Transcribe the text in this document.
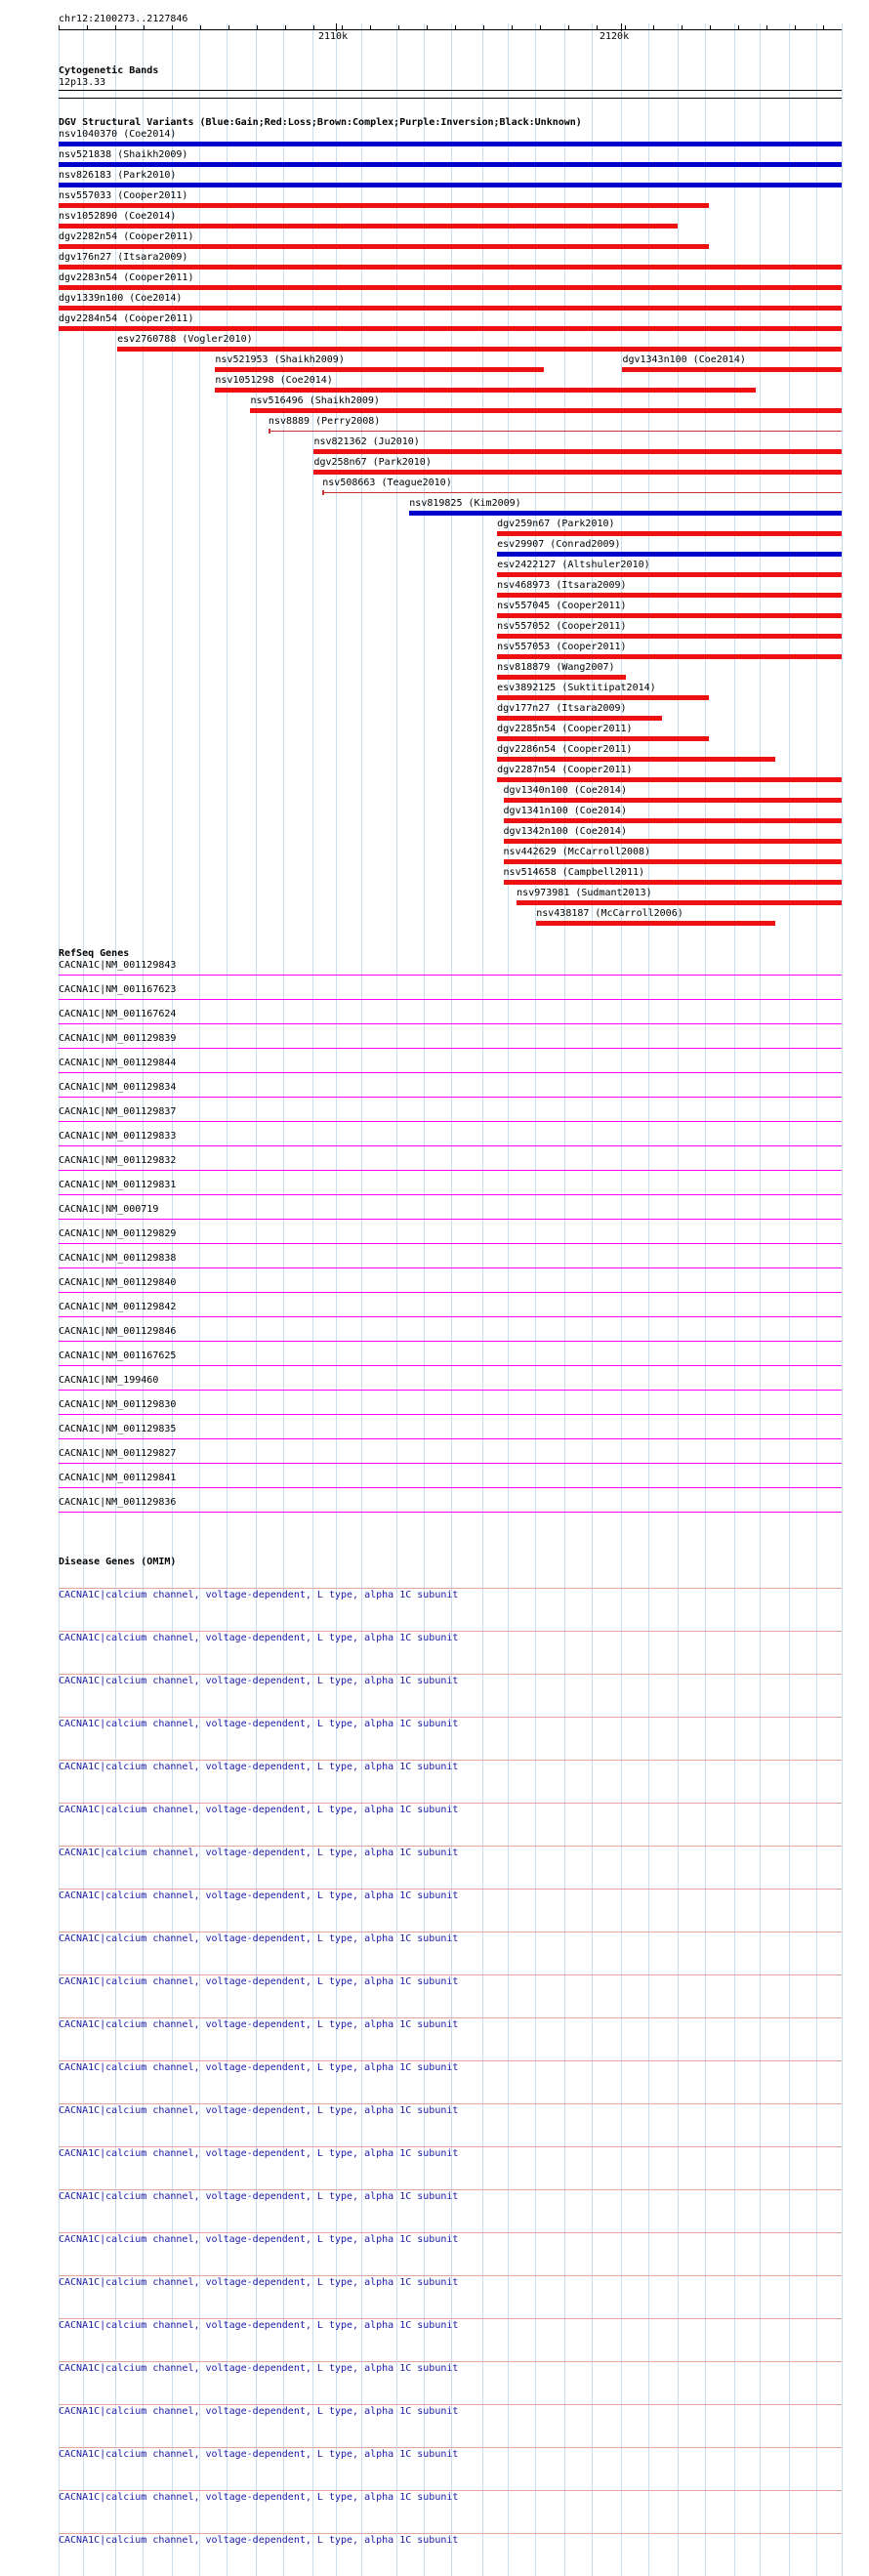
chr12:2100273..2127846
2110k	2120k
Cytogenetic Bands
12p13.33
DGV Structural Variants (Blue:Gain;Red:Loss;Brown:Complex;Purple:Inversion;Black:Unknown)
nsv1040370 (Coe2014)
nsv521838 (Shaikh2009)
nsv826183 (Park2010)
nsv557033 (Cooper2011)
nsv1052890 (Coe2014)
dgv2282n54 (Cooper2011)
dgv176n27 (Itsara2009)
dgv2283n54 (Cooper2011)
dgv1339n100 (Coe2014)
dgv2284n54 (Cooper2011)
esv2760788 (Vogler2010)
nsv521953 (Shaikh2009)	dgv1343n100 (Coe2014)
nsv1051298 (Coe2014)
nsv516496 (Shaikh2009)
nsv8889 (Perry2008)
nsv821362 (Ju2010)
dgv258n67 (Park2010)
nsv508663 (Teague2010)
nsv819825 (Kim2009)
dgv259n67 (Park2010)
esv29907 (Conrad2009)
esv2422127 (Altshuler2010)
nsv468973 (Itsara2009)
nsv557045 (Cooper2011)
nsv557052 (Cooper2011)
nsv557053 (Cooper2011)
nsv818879 (Wang2007)
esv3892125 (Suktitipat2014)
dgv177n27 (Itsara2009)
dgv2285n54 (Cooper2011)
dgv2286n54 (Cooper2011)
dgv2287n54 (Cooper2011)
dgv1340n100 (Coe2014)
dgv1341n100 (Coe2014)
dgv1342n100 (Coe2014)
nsv442629 (McCarroll2008)
nsv514658 (Campbell2011)
nsv973981 (Sudmant2013)
nsv438187 (McCarroll2006)
RefSeq Genes
CACNA1C|NM_001129843
CACNA1C|NM_001167623
CACNA1C|NM_001167624
CACNA1C|NM_001129839
CACNA1C|NM_001129844
CACNA1C|NM_001129834
CACNA1C|NM_001129837
CACNA1C|NM_001129833
CACNA1C|NM_001129832
CACNA1C|NM_001129831
CACNA1C|NM_000719
CACNA1C|NM_001129829
CACNA1C|NM_001129838
CACNA1C|NM_001129840
CACNA1C|NM_001129842
CACNA1C|NM_001129846
CACNA1C|NM_001167625
CACNA1C|NM_199460
CACNA1C|NM_001129830
CACNA1C|NM_001129835
CACNA1C|NM_001129827
CACNA1C|NM_001129841
CACNA1C|NM_001129836
Disease Genes (OMIM)
CACNA1C|calcium channel, voltage-dependent, L type, alpha 1C subunit
CACNA1C|calcium channel, voltage-dependent, L type, alpha 1C subunit
CACNA1C|calcium channel, voltage-dependent, L type, alpha 1C subunit
CACNA1C|calcium channel, voltage-dependent, L type, alpha 1C subunit
CACNA1C|calcium channel, voltage-dependent, L type, alpha 1C subunit
CACNA1C|calcium channel, voltage-dependent, L type, alpha 1C subunit
CACNA1C|calcium channel, voltage-dependent, L type, alpha 1C subunit
CACNA1C|calcium channel, voltage-dependent, L type, alpha 1C subunit
CACNA1C|calcium channel, voltage-dependent, L type, alpha 1C subunit
CACNA1C|calcium channel, voltage-dependent, L type, alpha 1C subunit
CACNA1C|calcium channel, voltage-dependent, L type, alpha 1C subunit
CACNA1C|calcium channel, voltage-dependent, L type, alpha 1C subunit
CACNA1C|calcium channel, voltage-dependent, L type, alpha 1C subunit
CACNA1C|calcium channel, voltage-dependent, L type, alpha 1C subunit
CACNA1C|calcium channel, voltage-dependent, L type, alpha 1C subunit
CACNA1C|calcium channel, voltage-dependent, L type, alpha 1C subunit
CACNA1C|calcium channel, voltage-dependent, L type, alpha 1C subunit
CACNA1C|calcium channel, voltage-dependent, L type, alpha 1C subunit
CACNA1C|calcium channel, voltage-dependent, L type, alpha 1C subunit
CACNA1C|calcium channel, voltage-dependent, L type, alpha 1C subunit
CACNA1C|calcium channel, voltage-dependent, L type, alpha 1C subunit
CACNA1C|calcium channel, voltage-dependent, L type, alpha 1C subunit
CACNA1C|calcium channel, voltage-dependent, L type, alpha 1C subunit
